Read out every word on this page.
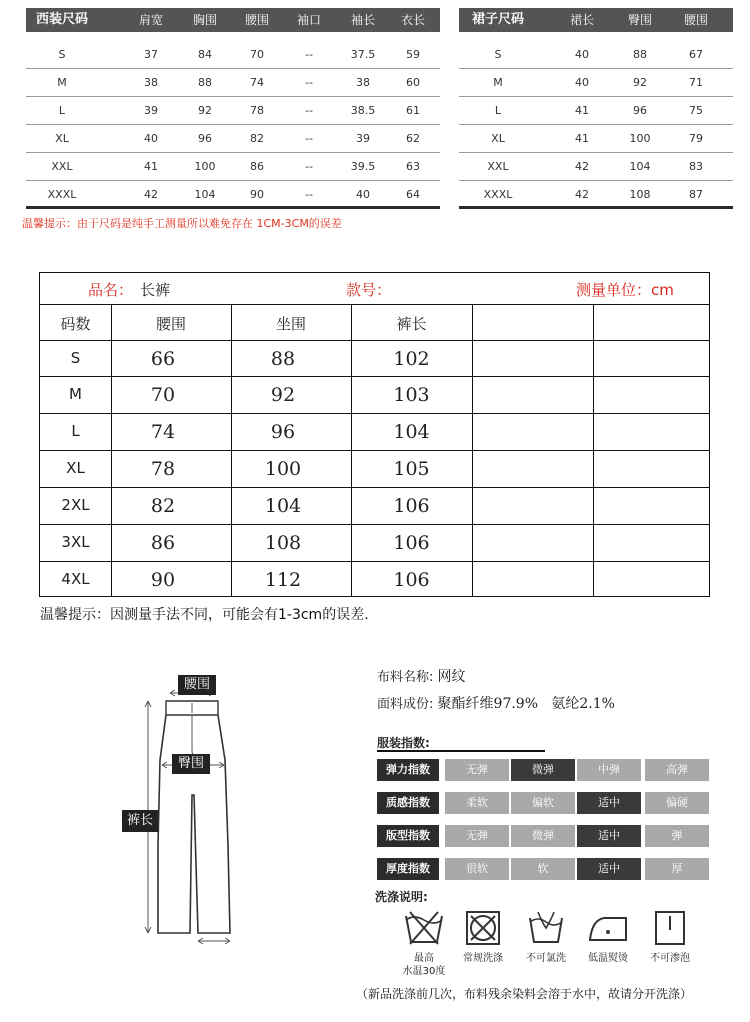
西装尺码	肩宽	胸围	腰围	袖口	袖长	衣长
S	37	84	70	--	37.5	59
M	38	88	74	--	38	60
L	39	92	78	--	38.5	61
XL	40	96	82	--	39	62
XXL	41	100	86	--	39.5	63
XXXL	42	104	90	--	40	64
裙子尺码	裙长	臀围	腰围
S	40	88	67
M	40	92	71
L	41	96	75
XL	41	100	79
XXL	42	104	83
XXXL	42	108	87
温馨提示：由于尺码是纯手工测量所以难免存在 1CM-3CM的误差
品名： 长裤	款号：	测量单位：cm
码数	腰围	坐围	裤长
S	66	88	102
M	70	92	103
L	74	96	104
XL	78	100	105
2XL	82	104	106
3XL	86	108	106
4XL	90	112	106
温馨提示：因测量手法不同，可能会有1-3cm的误差.
腰围
臀围
裤长
布料名称: 网纹
面料成份: 聚酯纤维97.9%   氨纶2.1%
服装指数:
弹力指数	无弹	微弹	中弹	高弹
质感指数	柔软	偏软	适中	偏硬
版型指数	无弹	微弹	适中	弹
厚度指数	很软	软	适中	厚
洗涤说明:
最高
水温30度
常规洗涤	不可氯洗	低温熨烫	不可渗泡
（新品洗涤前几次，布料残余染料会溶于水中，故请分开洗涤）
